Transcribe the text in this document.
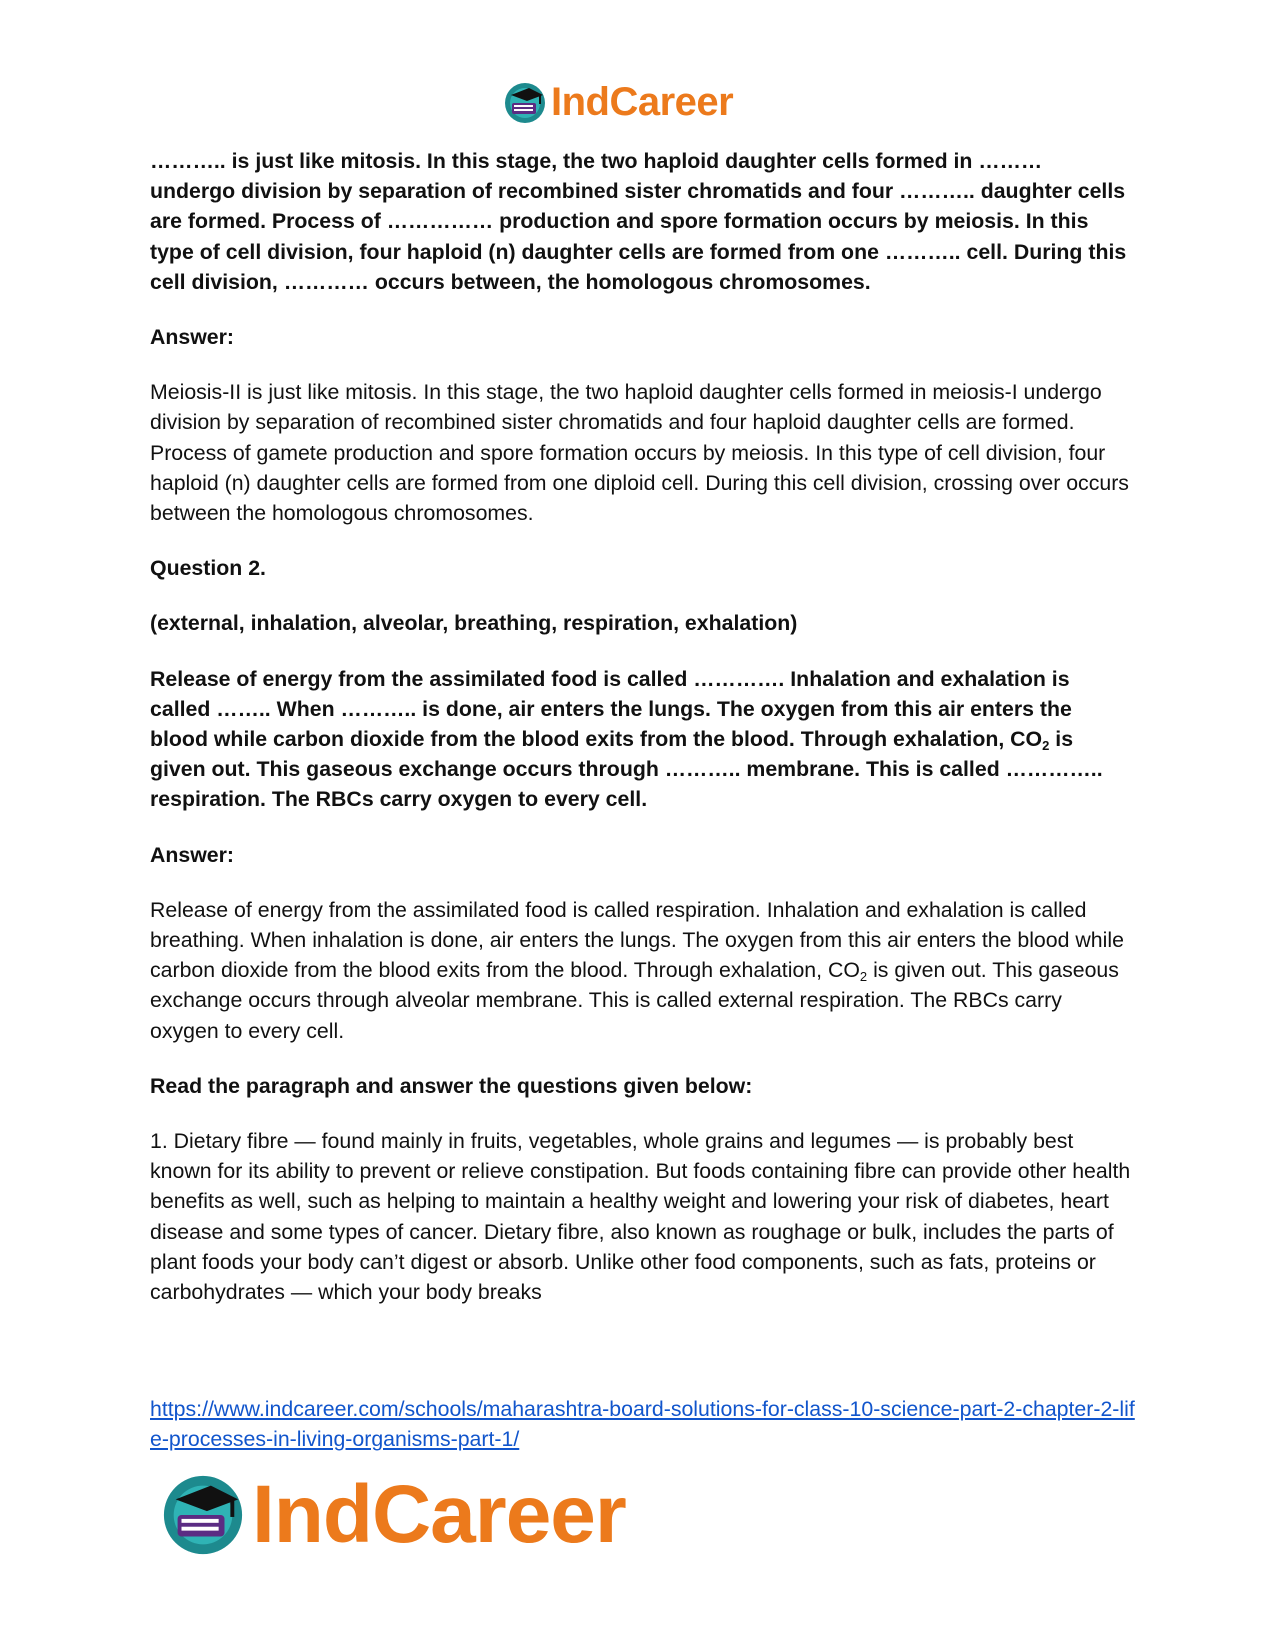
IndCareer

……….. is just like mitosis. In this stage, the two haploid daughter cells formed in ……… undergo division by separation of recombined sister chromatids and four ……….. daughter cells are formed. Process of …………… production and spore formation occurs by meiosis. In this type of cell division, four haploid (n) daughter cells are formed from one ……….. cell. During this cell division, ………… occurs between, the homologous chromosomes.

Answer:

Meiosis-II is just like mitosis. In this stage, the two haploid daughter cells formed in meiosis-I undergo division by separation of recombined sister chromatids and four haploid daughter cells are formed. Process of gamete production and spore formation occurs by meiosis. In this type of cell division, four haploid (n) daughter cells are formed from one diploid cell. During this cell division, crossing over occurs between the homologous chromosomes.

Question 2.

(external, inhalation, alveolar, breathing, respiration, exhalation)

Release of energy from the assimilated food is called …………. Inhalation and exhalation is called …….. When ……….. is done, air enters the lungs. The oxygen from this air enters the blood while carbon dioxide from the blood exits from the blood. Through exhalation, $CO_2$ is given out. This gaseous exchange occurs through ……….. membrane. This is called ………….. respiration. The RBCs carry oxygen to every cell.

Answer:

Release of energy from the assimilated food is called respiration. Inhalation and exhalation is called breathing. When inhalation is done, air enters the lungs. The oxygen from this air enters the blood while carbon dioxide from the blood exits from the blood. Through exhalation, $CO_2$ is given out. This gaseous exchange occurs through alveolar membrane. This is called external respiration. The RBCs carry oxygen to every cell.

Read the paragraph and answer the questions given below:

1. Dietary fibre — found mainly in fruits, vegetables, whole grains and legumes — is probably best known for its ability to prevent or relieve constipation. But foods containing fibre can provide other health benefits as well, such as helping to maintain a healthy weight and lowering your risk of diabetes, heart disease and some types of cancer. Dietary fibre, also known as roughage or bulk, includes the parts of plant foods your body can’t digest or absorb. Unlike other food components, such as fats, proteins or carbohydrates — which your body breaks

https://www.indcareer.com/schools/maharashtra-board-solutions-for-class-10-science-part-2-chapter-2-life-processes-in-living-organisms-part-1/
IndCareer
